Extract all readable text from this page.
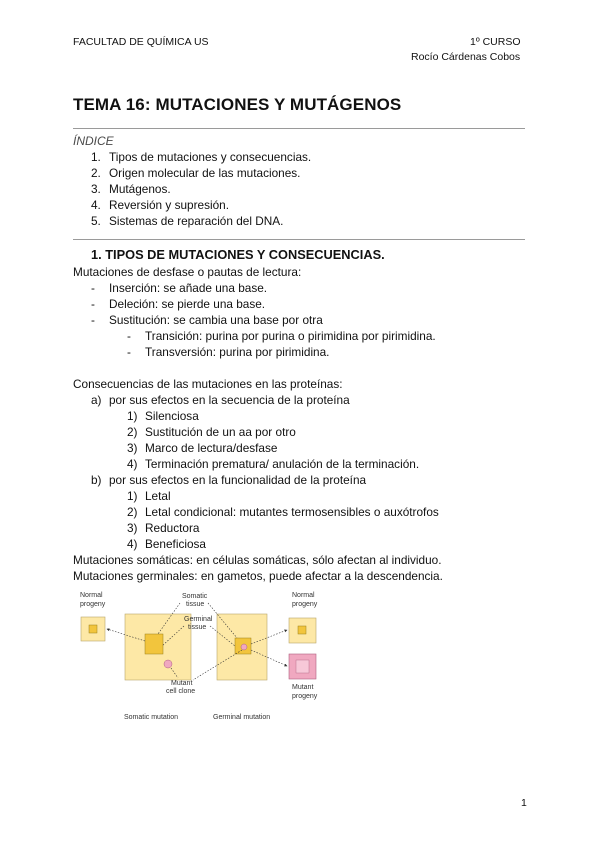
FACULTAD DE QUÍMICA US	1º CURSO
Rocío Cárdenas Cobos
TEMA 16: MUTACIONES Y MUTÁGENOS
ÍNDICE
1. Tipos de mutaciones y consecuencias.
2. Origen molecular de las mutaciones.
3. Mutágenos.
4. Reversión y supresión.
5. Sistemas de reparación del DNA.
1. TIPOS DE MUTACIONES Y CONSECUENCIAS.
Mutaciones de desfase o pautas de lectura:
- Inserción: se añade una base.
- Deleción: se pierde una base.
- Sustitución: se cambia una base por otra
- Transición: purina por purina o pirimidina por pirimidina.
- Transversión: purina por pirimidina.
Consecuencias de las mutaciones en las proteínas:
a) por sus efectos en la secuencia de la proteína
1) Silenciosa
2) Sustitución de un aa por otro
3) Marco de lectura/desfase
4) Terminación prematura/ anulación de la terminación.
b) por sus efectos en la funcionalidad de la proteína
1) Letal
2) Letal condicional: mutantes termosensibles o auxótrofos
3) Reductora
4) Beneficiosa
Mutaciones somáticas: en células somáticas, sólo afectan al individuo.
Mutaciones germinales: en gametos, puede afectar a la descendencia.
Normal
progeny
Normal
progeny
Mutant
progeny
Somatic
tissue
Germinal
tissue
Mutant
cell clone
Somatic mutation	Germinal mutation
1
